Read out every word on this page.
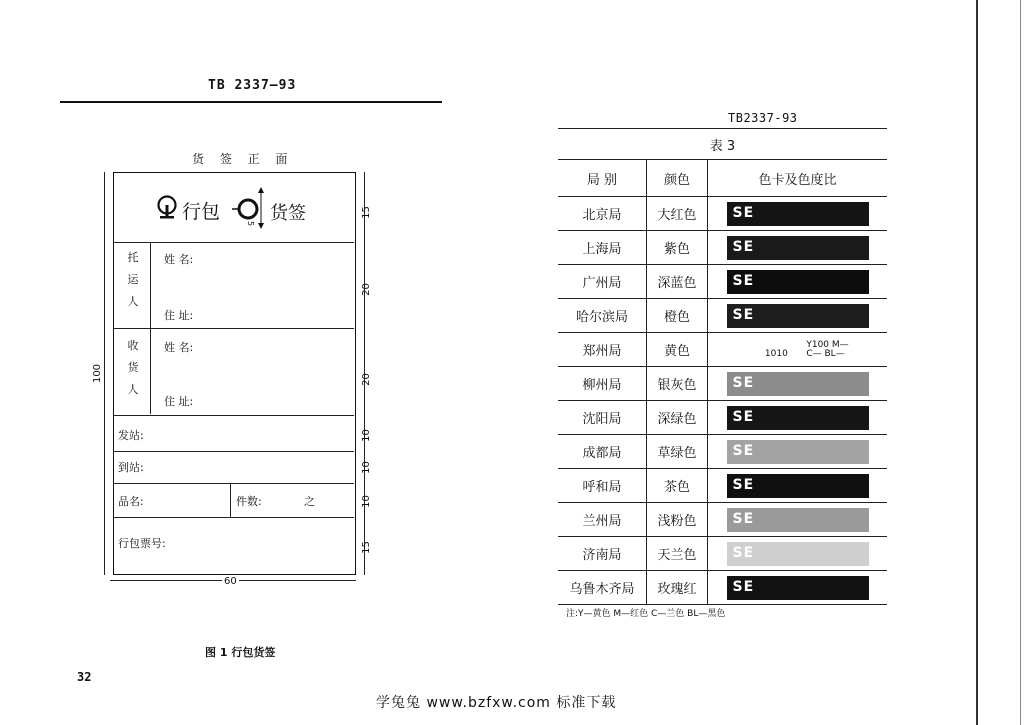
TB 2337—93
货 签 正 面
行包
5 货签
托
运
人
姓 名:
住 址:
收
货
人
姓 名:
住 址:
发站:
到站:
品名:	件数:	之
行包票号:
100
15
20
20
10
10
10
15
60
图 1 行包货签
32
TB2337-93
表 3		
局 别	颜色	色卡及色度比
北京局	大红色	SE

上海局	紫色	SE

广州局	深蓝色	SE

哈尔滨局	橙色	SE

郑州局	黄色	1010
Y100 M—
C— BL—

柳州局	银灰色	SE

沈阳局	深绿色	SE

成都局	草绿色	SE

呼和局	茶色	SE

兰州局	浅粉色	SE

济南局	天兰色	SE

乌鲁木齐局	玫瑰红	SE
注:Y—黄色 M—红色 C—兰色 BL—黑色
学兔兔 www.bzfxw.com 标准下载
